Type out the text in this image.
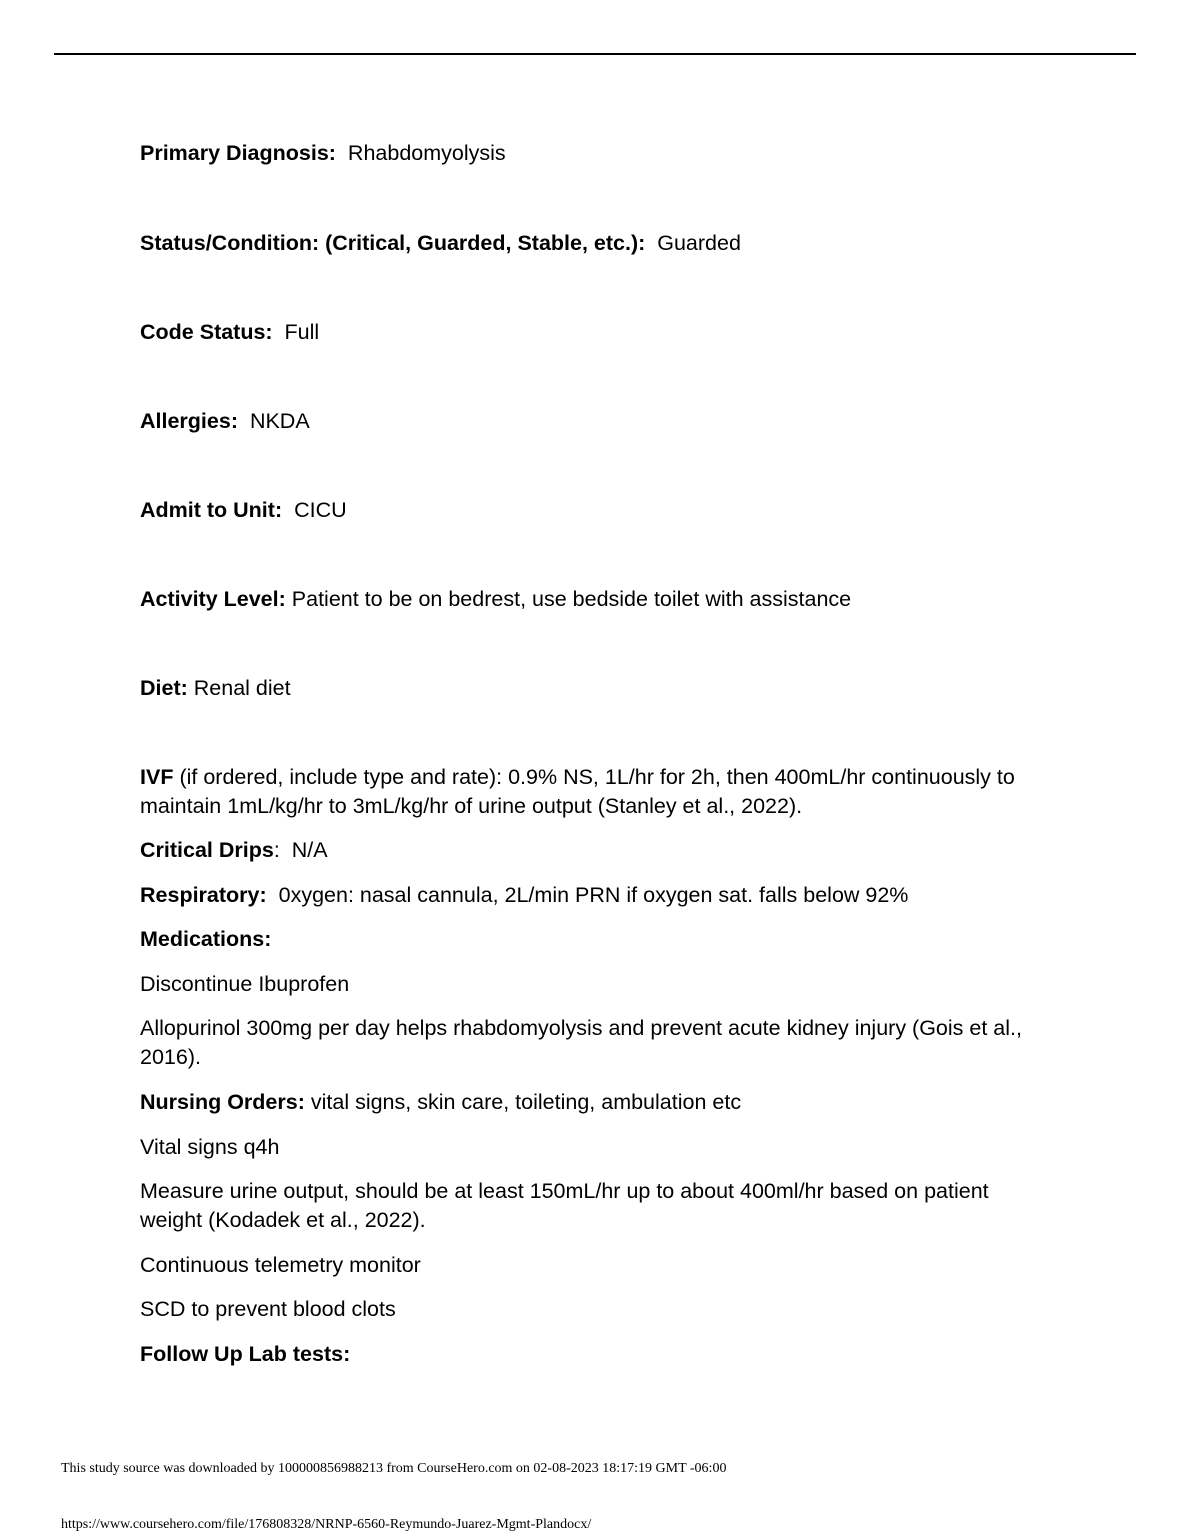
Primary Diagnosis: Rhabdomyolysis
Status/Condition: (Critical, Guarded, Stable, etc.): Guarded
Code Status: Full
Allergies: NKDA
Admit to Unit: CICU
Activity Level: Patient to be on bedrest, use bedside toilet with assistance
Diet: Renal diet
IVF (if ordered, include type and rate): 0.9% NS, 1L/hr for 2h, then 400mL/hr continuously to maintain 1mL/kg/hr to 3mL/kg/hr of urine output (Stanley et al., 2022).
Critical Drips:  N/A
Respiratory: 0xygen: nasal cannula, 2L/min PRN if oxygen sat. falls below 92%
Medications:
Discontinue Ibuprofen
Allopurinol 300mg per day helps rhabdomyolysis and prevent acute kidney injury (Gois et al., 2016).
Nursing Orders: vital signs, skin care, toileting, ambulation etc
Vital signs q4h
Measure urine output, should be at least 150mL/hr up to about 400ml/hr based on patient weight (Kodadek et al., 2022).
Continuous telemetry monitor
SCD to prevent blood clots
Follow Up Lab tests:
This study source was downloaded by 100000856988213 from CourseHero.com on 02-08-2023 18:17:19 GMT -06:00
https://www.coursehero.com/file/176808328/NRNP-6560-Reymundo-Juarez-Mgmt-Plandocx/
